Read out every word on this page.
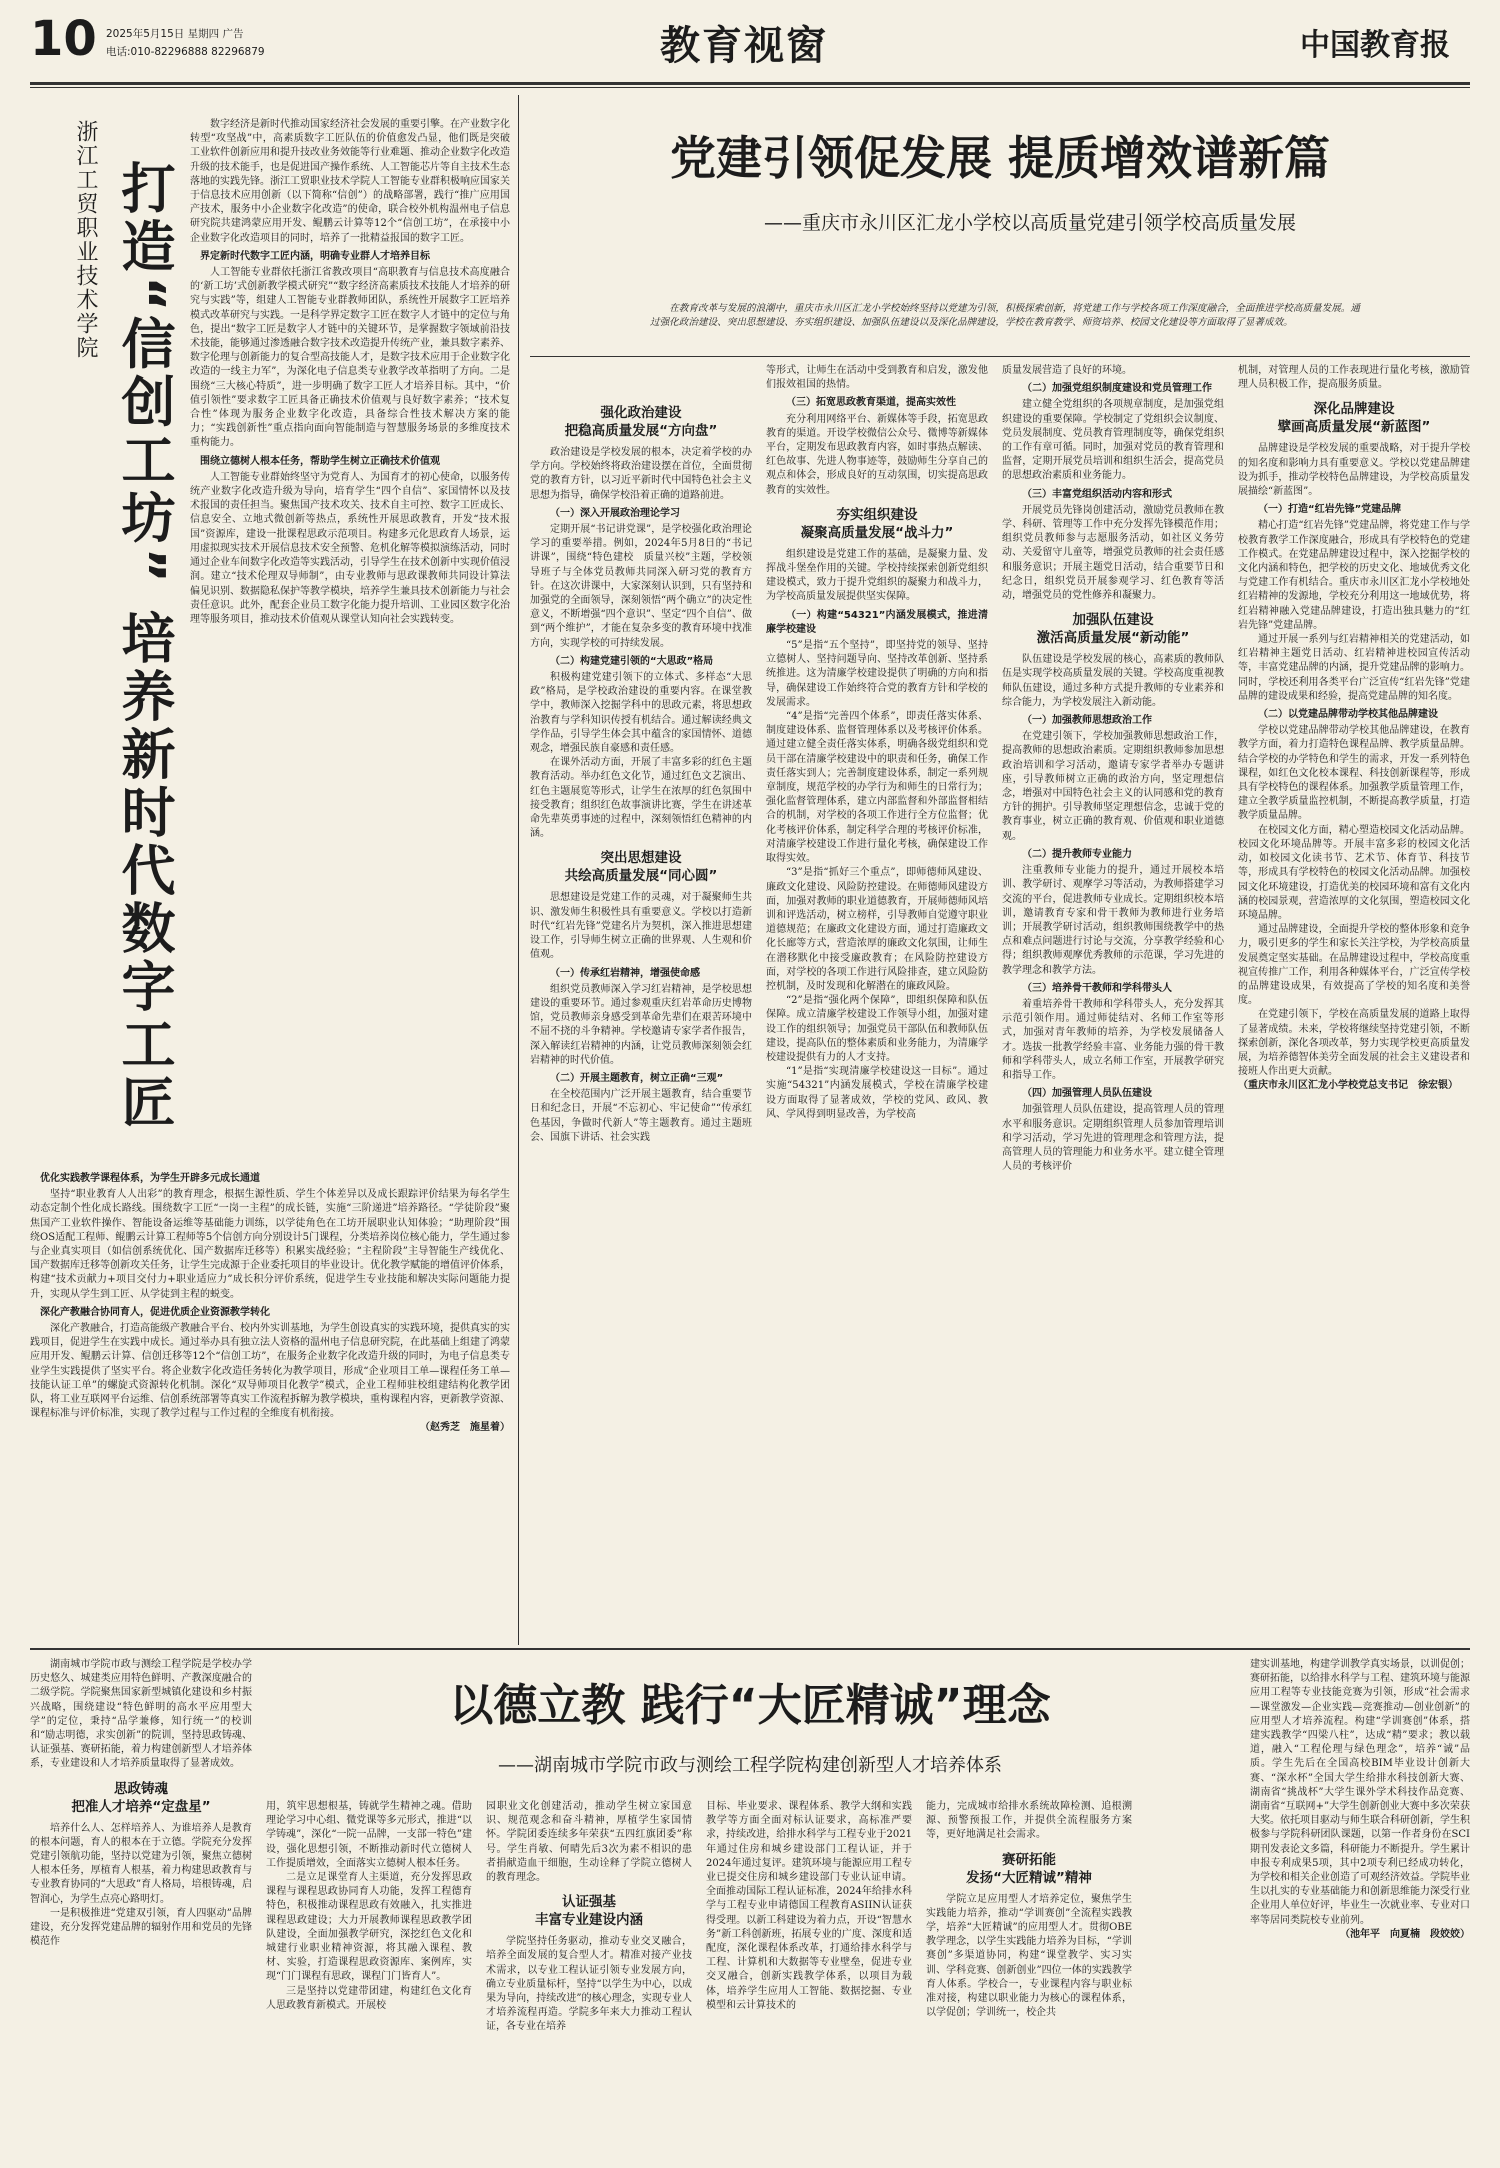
10 2025年5月15日 星期四 广告
电话:010-82296888 82296879	教育视窗	中国教育报
浙江工贸职业技术学院 打造“信创工坊” 培养新时代数字工匠

数字经济是新时代推动国家经济社会发展的重要引擎。在产业数字化转型“攻坚战”中，高素质数字工匠队伍的价值愈发凸显，他们既是突破工业软件创新应用和提升技改业务效能等行业难题、推动企业数字化改造升级的技术能手，也是促进国产操作系统、人工智能芯片等自主技术生态落地的实践先锋。浙江工贸职业技术学院人工智能专业群积极响应国家关于信息技术应用创新（以下简称“信创”）的战略部署，践行“推广应用国产技术，服务中小企业数字化改造”的使命，联合校外机构温州电子信息研究院共建鸿蒙应用开发、鲲鹏云计算等12个“信创工坊”，在承接中小企业数字化改造项目的同时，培养了一批精益报国的数字工匠。

界定新时代数字工匠内涵，明确专业群人才培养目标

人工智能专业群依托浙江省教改项目“高职教育与信息技术高度融合的‘新工坊’式创新教学模式研究”“数字经济高素质技术技能人才培养的研究与实践”等，组建人工智能专业群教师团队，系统性开展数字工匠培养模式改革研究与实践。一是科学界定数字工匠在数字人才链中的定位与角色，提出“数字工匠是数字人才链中的关键环节，是掌握数字领域前沿技术技能，能够通过渗透融合数字技术改造提升传统产业，兼具数字素养、数字伦理与创新能力的复合型高技能人才，是数字技术应用于企业数字化改造的一线主力军”，为深化电子信息类专业教学改革指明了方向。二是围绕“三大核心特质”，进一步明确了数字工匠人才培养目标。其中，“价值引领性”要求数字工匠具备正确技术价值观与良好数字素养；“技术复合性”体现为服务企业数字化改造，具备综合性技术解决方案的能力；“实践创新性”重点指向面向智能制造与智慧服务场景的多维度技术重构能力。

围绕立德树人根本任务，帮助学生树立正确技术价值观

人工智能专业群始终坚守为党育人、为国育才的初心使命，以服务传统产业数字化改造升级为导向，培育学生“四个自信”、家国情怀以及技术报国的责任担当。聚焦国产技术攻关、技术自主可控、数字工匠成长、信息安全、立地式微创新等热点，系统性开展思政教育，开发“技术报国”资源库，建设一批课程思政示范项目。构建多元化思政育人场景，运用虚拟现实技术开展信息技术安全预警、危机化解等模拟演练活动，同时通过企业车间数字化改造等实践活动，引导学生在技术创新中实现价值浸润。建立“技术伦理双导师制”，由专业教师与思政课教师共同设计算法偏见识别、数据隐私保护等教学模块，培养学生兼具技术创新能力与社会责任意识。此外，配套企业员工数字化能力提升培训、工业园区数字化治理等服务项目，推动技术价值观从课堂认知向社会实践转变。

优化实践教学课程体系，为学生开辟多元成长通道

坚持“职业教育人人出彩”的教育理念，根据生源性质、学生个体差异以及成长跟踪评价结果为每名学生动态定制个性化成长路线。围绕数字工匠“一岗一主程”的成长链，实施“三阶递进”培养路径。“学徒阶段”聚焦国产工业软件操作、智能设备运维等基础能力训练，以学徒角色在工坊开展职业认知体验；“助理阶段”围绕OS适配工程师、鲲鹏云计算工程师等5个信创方向分别设计5门课程，分类培养岗位核心能力，学生通过参与企业真实项目（如信创系统优化、国产数据库迁移等）积累实战经验；“主程阶段”主导智能生产线优化、国产数据库迁移等创新攻关任务，让学生完成源于企业委托项目的毕业设计。优化教学赋能的增值评价体系，构建“技术贡献力+项目交付力+职业适应力”成长积分评价系统，促进学生专业技能和解决实际问题能力提升，实现从学生到工匠、从学徒到主程的蜕变。

深化产教融合协同育人，促进优质企业资源教学转化

深化产教融合，打造高能级产教融合平台、校内外实训基地，为学生创设真实的实践环境，提供真实的实践项目，促进学生在实践中成长。通过举办具有独立法人资格的温州电子信息研究院，在此基础上组建了鸿蒙应用开发、鲲鹏云计算、信创迁移等12个“信创工坊”，在服务企业数字化改造升级的同时，为电子信息类专业学生实践提供了坚实平台。将企业数字化改造任务转化为教学项目，形成“企业项目工单—课程任务工单—技能认证工单”的螺旋式资源转化机制。深化“双导师项目化教学”模式，企业工程师驻校组建结构化教学团队，将工业互联网平台运维、信创系统部署等真实工作流程拆解为教学模块，重构课程内容，更新教学资源、课程标准与评价标准，实现了教学过程与工作过程的全维度有机衔接。

（赵秀芝　施星着）

党建引领促发展 提质增效谱新篇
——重庆市永川区汇龙小学校以高质量党建引领学校高质量发展
在教育改革与发展的浪潮中，重庆市永川区汇龙小学校始终坚持以党建为引领，积极探索创新，将党建工作与学校各项工作深度融合，全面推进学校高质量发展。通过强化政治建设、突出思想建设、夯实组织建设、加强队伍建设以及深化品牌建设，学校在教育教学、师资培养、校园文化建设等方面取得了显著成效。
强化政治建设
把稳高质量发展“方向盘”

政治建设是学校发展的根本，决定着学校的办学方向。学校始终将政治建设摆在首位，全面贯彻党的教育方针，以习近平新时代中国特色社会主义思想为指导，确保学校沿着正确的道路前进。

（一）深入开展政治理论学习

定期开展“书记讲党课”，是学校强化政治理论学习的重要举措。例如，2024年5月8日的“书记讲课”，围绕“特色建校　质量兴校”主题，学校领导班子与全体党员教师共同深入研习党的教育方针。在这次讲课中，大家深刻认识到，只有坚持和加强党的全面领导，深刻领悟“两个确立”的决定性意义，不断增强“四个意识”、坚定“四个自信”、做到“两个维护”，才能在复杂多变的教育环境中找准方向，实现学校的可持续发展。

（二）构建党建引领的“大思政”格局

积极构建党建引领下的立体式、多样态“大思政”格局，是学校政治建设的重要内容。在课堂教学中，教师深入挖掘学科中的思政元素，将思想政治教育与学科知识传授有机结合。通过解读经典文学作品，引导学生体会其中蕴含的家国情怀、道德观念，增强民族自豪感和责任感。

在课外活动方面，开展了丰富多彩的红色主题教育活动。举办红色文化节，通过红色文艺演出、红色主题展览等形式，让学生在浓厚的红色氛围中接受教育；组织红色故事演讲比赛，学生在讲述革命先辈英勇事迹的过程中，深刻领悟红色精神的内涵。

突出思想建设
共绘高质量发展“同心圆”

思想建设是党建工作的灵魂，对于凝聚师生共识、激发师生积极性具有重要意义。学校以打造新时代“红岩先锋”党建名片为契机，深入推进思想建设工作，引导师生树立正确的世界观、人生观和价值观。

（一）传承红岩精神，增强使命感

组织党员教师深入学习红岩精神，是学校思想建设的重要环节。通过参观重庆红岩革命历史博物馆，党员教师亲身感受到革命先辈们在艰苦环境中不屈不挠的斗争精神。学校邀请专家学者作报告，深入解读红岩精神的内涵，让党员教师深刻领会红岩精神的时代价值。

（二）开展主题教育，树立正确“三观”

在全校范围内广泛开展主题教育，结合重要节日和纪念日，开展“不忘初心、牢记使命”“传承红色基因，争做时代新人”等主题教育。通过主题班会、国旗下讲话、社会实践

等形式，让师生在活动中受到教育和启发，激发他们报效祖国的热情。

（三）拓宽思政教育渠道，提高实效性

充分利用网络平台、新媒体等手段，拓宽思政教育的渠道。开设学校微信公众号、微博等新媒体平台，定期发布思政教育内容，如时事热点解读、红色故事、先进人物事迹等，鼓励师生分享自己的观点和体会，形成良好的互动氛围，切实提高思政教育的实效性。

夯实组织建设
凝聚高质量发展“战斗力”

组织建设是党建工作的基础，是凝聚力量、发挥战斗堡垒作用的关键。学校持续探索创新党组织建设模式，致力于提升党组织的凝聚力和战斗力，为学校高质量发展提供坚实保障。

（一）构建“54321”内涵发展模式，推进清廉学校建设

“5”是指“五个坚持”，即坚持党的领导、坚持立德树人、坚持问题导向、坚持改革创新、坚持系统推进。这为清廉学校建设提供了明确的方向和指导，确保建设工作始终符合党的教育方针和学校的发展需求。

“4”是指“完善四个体系”，即责任落实体系、制度建设体系、监督管理体系以及考核评价体系。通过建立健全责任落实体系，明确各级党组织和党员干部在清廉学校建设中的职责和任务，确保工作责任落实到人；完善制度建设体系，制定一系列规章制度，规范学校的办学行为和师生的日常行为；强化监督管理体系，建立内部监督和外部监督相结合的机制，对学校的各项工作进行全方位监督；优化考核评价体系，制定科学合理的考核评价标准，对清廉学校建设工作进行量化考核，确保建设工作取得实效。

“3”是指“抓好三个重点”，即师德师风建设、廉政文化建设、风险防控建设。在师德师风建设方面，加强对教师的职业道德教育，开展师德师风培训和评选活动，树立榜样，引导教师自觉遵守职业道德规范；在廉政文化建设方面，通过打造廉政文化长廊等方式，营造浓厚的廉政文化氛围，让师生在潜移默化中接受廉政教育；在风险防控建设方面，对学校的各项工作进行风险排查，建立风险防控机制，及时发现和化解潜在的廉政风险。

“2”是指“强化两个保障”，即组织保障和队伍保障。成立清廉学校建设工作领导小组，加强对建设工作的组织领导；加强党员干部队伍和教师队伍建设，提高队伍的整体素质和业务能力，为清廉学校建设提供有力的人才支持。

“1”是指“实现清廉学校建设这一目标”。通过实施“54321”内涵发展模式，学校在清廉学校建设方面取得了显著成效，学校的党风、政风、教风、学风得到明显改善，为学校高

质量发展营造了良好的环境。

（二）加强党组织制度建设和党员管理工作

建立健全党组织的各项规章制度，是加强党组织建设的重要保障。学校制定了党组织会议制度、党员发展制度、党员教育管理制度等，确保党组织的工作有章可循。同时，加强对党员的教育管理和监督，定期开展党员培训和组织生活会，提高党员的思想政治素质和业务能力。

（三）丰富党组织活动内容和形式

开展党员先锋岗创建活动，激励党员教师在教学、科研、管理等工作中充分发挥先锋模范作用；组织党员教师参与志愿服务活动，如社区义务劳动、关爱留守儿童等，增强党员教师的社会责任感和服务意识；开展主题党日活动，结合重要节日和纪念日，组织党员开展参观学习、红色教育等活动，增强党员的党性修养和凝聚力。

加强队伍建设
激活高质量发展“新动能”

队伍建设是学校发展的核心，高素质的教师队伍是实现学校高质量发展的关键。学校高度重视教师队伍建设，通过多种方式提升教师的专业素养和综合能力，为学校发展注入新动能。

（一）加强教师思想政治工作

在党建引领下，学校加强教师思想政治工作，提高教师的思想政治素质。定期组织教师参加思想政治培训和学习活动，邀请专家学者举办专题讲座，引导教师树立正确的政治方向，坚定理想信念，增强对中国特色社会主义的认同感和党的教育方针的拥护。引导教师坚定理想信念，忠诚于党的教育事业，树立正确的教育观、价值观和职业道德观。

（二）提升教师专业能力

注重教师专业能力的提升，通过开展校本培训、教学研讨、观摩学习等活动，为教师搭建学习交流的平台，促进教师专业成长。定期组织校本培训，邀请教育专家和骨干教师为教师进行业务培训；开展教学研讨活动，组织教师围绕教学中的热点和难点问题进行讨论与交流，分享教学经验和心得；组织教师观摩优秀教师的示范课，学习先进的教学理念和教学方法。

（三）培养骨干教师和学科带头人

着重培养骨干教师和学科带头人，充分发挥其示范引领作用。通过师徒结对、名师工作室等形式，加强对青年教师的培养，为学校发展储备人才。选拔一批教学经验丰富、业务能力强的骨干教师和学科带头人，成立名师工作室，开展教学研究和指导工作。

（四）加强管理人员队伍建设

加强管理人员队伍建设，提高管理人员的管理水平和服务意识。定期组织管理人员参加管理培训和学习活动，学习先进的管理理念和管理方法，提高管理人员的管理能力和业务水平。建立健全管理人员的考核评价

机制，对管理人员的工作表现进行量化考核，激励管理人员积极工作，提高服务质量。

深化品牌建设
擘画高质量发展“新蓝图”

品牌建设是学校发展的重要战略，对于提升学校的知名度和影响力具有重要意义。学校以党建品牌建设为抓手，推动学校特色品牌建设，为学校高质量发展描绘“新蓝图”。

（一）打造“红岩先锋”党建品牌

精心打造“红岩先锋”党建品牌，将党建工作与学校教育教学工作深度融合，形成具有学校特色的党建工作模式。在党建品牌建设过程中，深入挖掘学校的文化内涵和特色，把学校的历史文化、地域优秀文化与党建工作有机结合。重庆市永川区汇龙小学校地处红岩精神的发源地，学校充分利用这一地域优势，将红岩精神融入党建品牌建设，打造出独具魅力的“红岩先锋”党建品牌。

通过开展一系列与红岩精神相关的党建活动，如红岩精神主题党日活动、红岩精神进校园宣传活动等，丰富党建品牌的内涵，提升党建品牌的影响力。同时，学校还利用各类平台广泛宣传“红岩先锋”党建品牌的建设成果和经验，提高党建品牌的知名度。

（二）以党建品牌带动学校其他品牌建设

学校以党建品牌带动学校其他品牌建设，在教育教学方面，着力打造特色课程品牌、教学质量品牌。结合学校的办学特色和学生的需求，开发一系列特色课程，如红色文化校本课程、科技创新课程等，形成具有学校特色的课程体系。加强教学质量管理工作，建立全教学质量监控机制，不断提高教学质量，打造教学质量品牌。

在校园文化方面，精心塑造校园文化活动品牌。校园文化环境品牌等。开展丰富多彩的校园文化活动，如校园文化读书节、艺术节、体育节、科技节等，形成具有学校特色的校园文化活动品牌。加强校园文化环境建设，打造优美的校园环境和富有文化内涵的校园景观，营造浓厚的文化氛围，塑造校园文化环境品牌。

通过品牌建设，全面提升学校的整体形象和竞争力，吸引更多的学生和家长关注学校，为学校高质量发展奠定坚实基础。在品牌建设过程中，学校高度重视宣传推广工作，利用各种媒体平台，广泛宣传学校的品牌建设成果，有效提高了学校的知名度和美誉度。

在党建引领下，学校在高质量发展的道路上取得了显著成绩。未来，学校将继续坚持党建引领，不断探索创新，深化各项改革，努力实现学校更高质量发展，为培养德智体美劳全面发展的社会主义建设者和接班人作出更大贡献。

（重庆市永川区汇龙小学校党总支书记　徐宏银）

以德立教 践行“大匠精诚”理念
——湖南城市学院市政与测绘工程学院构建创新型人才培养体系

湖南城市学院市政与测绘工程学院是学校办学历史悠久、城建类应用特色鲜明、产教深度融合的二级学院。学院聚焦国家新型城镇化建设和乡村振兴战略，围绕建设“特色鲜明的高水平应用型大学”的定位，秉持“品学兼修，知行统一”的校训和“励志明德，求实创新”的院训，坚持思政铸魂、认证强基、赛研拓能，着力构建创新型人才培养体系，专业建设和人才培养质量取得了显著成效。

思政铸魂
把准人才培养“定盘星”

培养什么人、怎样培养人、为谁培养人是教育的根本问题，育人的根本在于立德。学院充分发挥党建引领航功能，坚持以党建为引领，聚焦立德树人根本任务，厚植育人根基，着力构建思政教育与专业教育协同的“大思政”育人格局，培根铸魂，启智润心，为学生点亮心路明灯。

一是积极推进“党建双引领，育人四驱动”品牌建设，充分发挥党建品牌的辐射作用和党员的先锋模范作

用，筑牢思想根基，铸就学生精神之魂。借助理论学习中心组、微党课等多元形式，推进“以学铸魂”，深化“一院一品牌，一支部一特色”建设，强化思想引领，不断推动新时代立德树人工作提质增效，全面落实立德树人根本任务。

二是立足课堂育人主渠道，充分发挥思政课程与课程思政协同育人功能，发挥工程德育特色，积极推动课程思政有效融入，扎实推进课程思政建设；大力开展教师课程思政教学团队建设，全面加强教学研究，深挖红色文化和城建行业职业精神资源，将其融入课程、教材、实验，打造课程思政资源库、案例库，实现“门门课程有思政，课程门门皆育人”。

三是坚持以党建带团建，构建红色文化育人思政教育新模式。开展校

园职业文化创建活动，推动学生树立家国意识、规范观念和奋斗精神，厚植学生家国情怀。学院团委连续多年荣获“五四红旗团委”称号。学生肖敏、何晴先后3次为素不相识的患者捐献造血干细胞，生动诠释了学院立德树人的教育理念。

认证强基
丰富专业建设内涵

学院坚持任务驱动，推动专业交叉融合，培养全面发展的复合型人才。精准对接产业技术需求，以专业工程认证引领专业发展方向，确立专业质量标杆，坚持“以学生为中心，以成果为导向，持续改进”的核心理念，实现专业人才培养流程再造。学院多年来大力推动工程认证，各专业在培养

目标、毕业要求、课程体系、教学大纲和实践教学等方面全面对标认证要求，高标准严要求，持续改进，给排水科学与工程专业于2021年通过住房和城乡建设部门工程认证，并于2024年通过复评。建筑环境与能源应用工程专业已提交住房和城乡建设部门专业认证申请。全面推动国际工程认证标准，2024年给排水科学与工程专业申请德国工程教育ASIIN认证获得受理。以新工科建设为着力点，开设“智慧水务”新工科创新班，拓展专业的广度、深度和适配度，深化课程体系改革，打通给排水科学与工程、计算机和大数据等专业壁垒，促进专业交叉融合，创新实践教学体系，以项目为载体，培养学生应用人工智能、数据挖掘、专业模型和云计算技术的

能力，完成城市给排水系统故障检测、追根溯源、预警预报工作，并提供全流程服务方案等，更好地满足社会需求。

赛研拓能
发扬“大匠精诚”精神

学院立足应用型人才培养定位，聚焦学生实践能力培养，推动“学训赛创”全流程实践教学，培养“大匠精诚”的应用型人才。贯彻OBE教学理念，以学生实践能力培养为目标，“学训赛创”多渠道协同，构建“课堂教学、实习实训、学科竞赛、创新创业”四位一体的实践教学育人体系。学校合一，专业课程内容与职业标准对接，构建以职业能力为核心的课程体系，以学促创；学训统一，校企共

建实训基地，构建学训教学真实场景，以训促创；赛研拓能，以给排水科学与工程、建筑环境与能源应用工程等专业技能竞赛为引领，形成“社会需求—课堂激发—企业实践—竞赛推动—创业创新”的应用型人才培养流程。构建“学训赛创”体系，搭建实践教学“四梁八柱”，达成“精”要求；教以载道，融入“工程伦理与绿色理念”，培养“诚”品质。学生先后在全国高校BIM毕业设计创新大赛、“深水杯”全国大学生给排水科技创新大赛、湖南省“挑战杯”大学生课外学术科技作品竞赛、湖南省“互联网+”大学生创新创业大赛中多次荣获大奖。依托项目驱动与师生联合科研创新，学生积极参与学院科研团队课题，以第一作者身份在SCI期刊发表论文多篇，科研能力不断提升。学生累计申报专利成果5项，其中2项专利已经成功转化，为学校和相关企业创造了可观经济效益。学院毕业生以扎实的专业基础能力和创新思维能力深受行业企业用人单位好评，毕业生一次就业率、专业对口率等居同类院校专业前列。

（池年平　向夏楠　段姣姣）
